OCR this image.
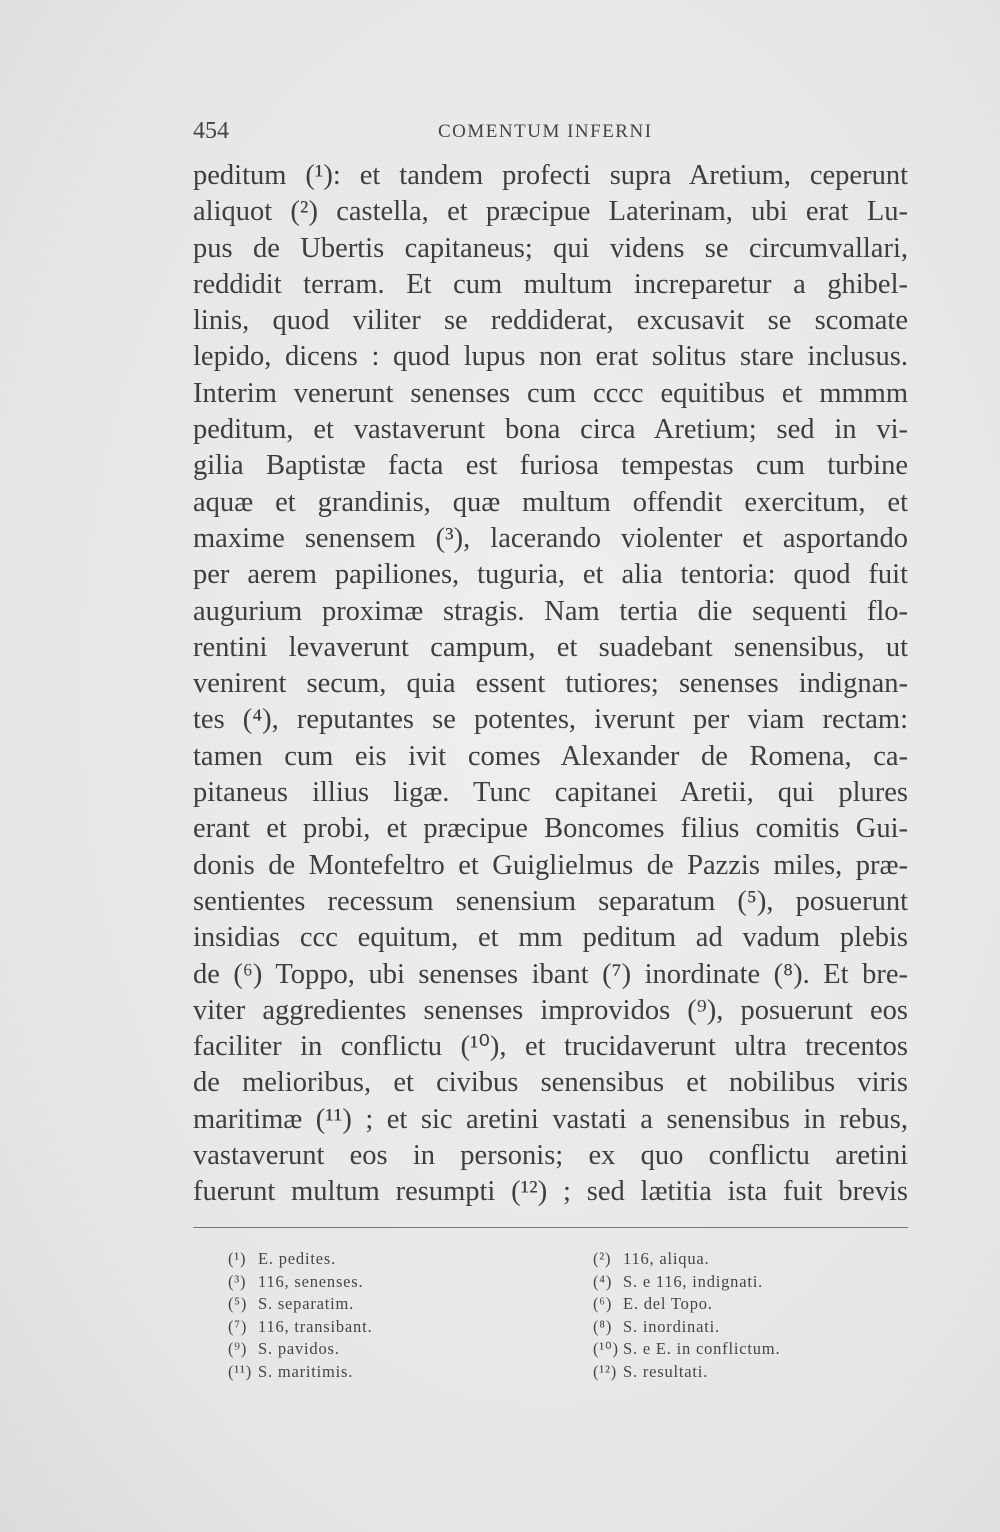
454	COMENTUM INFERNI
peditum (¹): et tandem profecti supra Aretium, ceperunt
aliquot (²) castella, et præcipue Laterinam, ubi erat Lu-
pus de Ubertis capitaneus; qui videns se circumvallari,
reddidit terram. Et cum multum increparetur a ghibel-
linis, quod viliter se reddiderat, excusavit se scomate
lepido, dicens : quod lupus non erat solitus stare inclusus.
Interim venerunt senenses cum cccc equitibus et mmmm
peditum, et vastaverunt bona circa Aretium; sed in vi-
gilia Baptistæ facta est furiosa tempestas cum turbine
aquæ et grandinis, quæ multum offendit exercitum, et
maxime senensem (³), lacerando violenter et asportando
per aerem papiliones, tuguria, et alia tentoria: quod fuit
augurium proximæ stragis. Nam tertia die sequenti flo-
rentini levaverunt campum, et suadebant senensibus, ut
venirent secum, quia essent tutiores; senenses indignan-
tes (⁴), reputantes se potentes, iverunt per viam rectam:
tamen cum eis ivit comes Alexander de Romena, ca-
pitaneus illius ligæ. Tunc capitanei Aretii, qui plures
erant et probi, et præcipue Boncomes filius comitis Gui-
donis de Montefeltro et Guiglielmus de Pazzis miles, præ-
sentientes recessum senensium separatum (⁵), posuerunt
insidias ccc equitum, et mm peditum ad vadum plebis
de (⁶) Toppo, ubi senenses ibant (⁷) inordinate (⁸). Et bre-
viter aggredientes senenses improvidos (⁹), posuerunt eos
faciliter in conflictu (¹⁰), et trucidaverunt ultra trecentos
de melioribus, et civibus senensibus et nobilibus viris
maritimæ (¹¹) ; et sic aretini vastati a senensibus in rebus,
vastaverunt eos in personis; ex quo conflictu aretini
fuerunt multum resumpti (¹²) ; sed lætitia ista fuit brevis
(¹) E. pedites.
(³) 116, senenses.
(⁵) S. separatim.
(⁷) 116, transibant.
(⁹) S. pavidos.
(¹¹) S. maritimis.
(²) 116, aliqua.
(⁴) S. e 116, indignati.
(⁶) E. del Topo.
(⁸) S. inordinati.
(¹⁰) S. e E. in conflictum.
(¹²) S. resultati.
